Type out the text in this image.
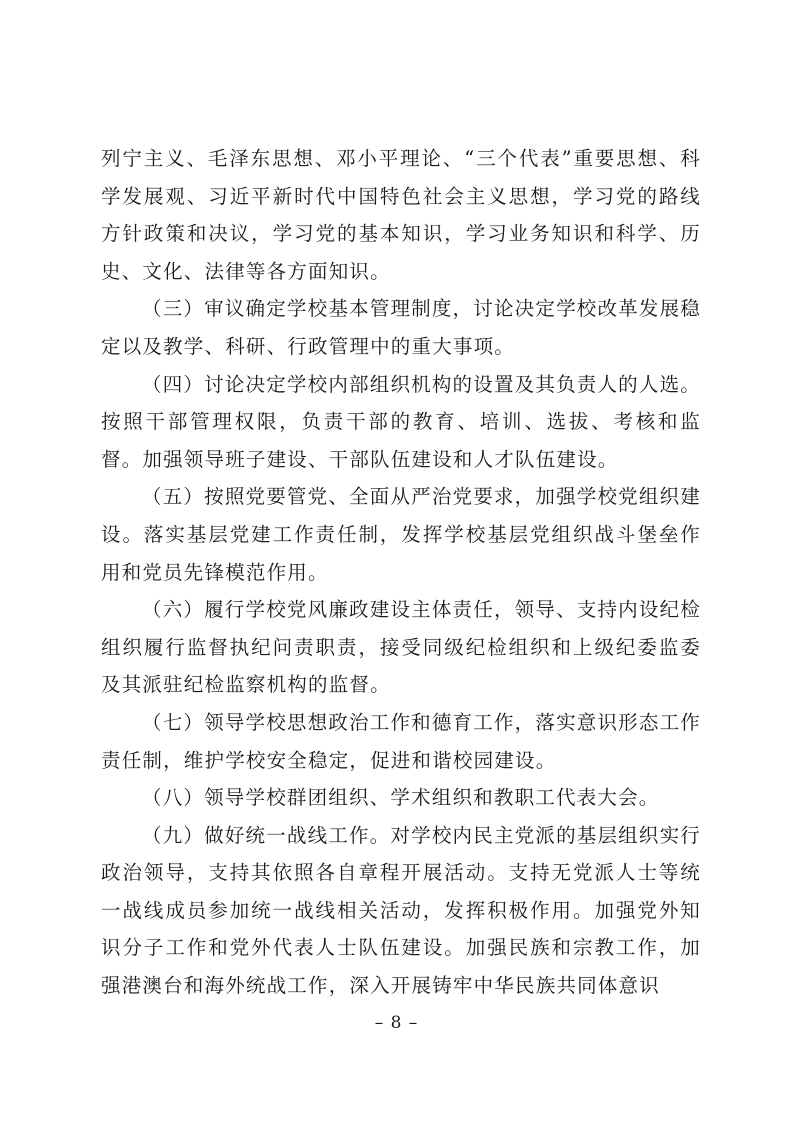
列宁主义、毛泽东思想、邓小平理论、“三个代表”重要思想、科学发展观、习近平新时代中国特色社会主义思想，学习党的路线方针政策和决议，学习党的基本知识，学习业务知识和科学、历史、文化、法律等各方面知识。

（三）审议确定学校基本管理制度，讨论决定学校改革发展稳定以及教学、科研、行政管理中的重大事项。

（四）讨论决定学校内部组织机构的设置及其负责人的人选。按照干部管理权限，负责干部的教育、培训、选拔、考核和监督。加强领导班子建设、干部队伍建设和人才队伍建设。

（五）按照党要管党、全面从严治党要求，加强学校党组织建设。落实基层党建工作责任制，发挥学校基层党组织战斗堡垒作用和党员先锋模范作用。

（六）履行学校党风廉政建设主体责任，领导、支持内设纪检组织履行监督执纪问责职责，接受同级纪检组织和上级纪委监委及其派驻纪检监察机构的监督。

（七）领导学校思想政治工作和德育工作，落实意识形态工作责任制，维护学校安全稳定，促进和谐校园建设。

（八）领导学校群团组织、学术组织和教职工代表大会。

（九）做好统一战线工作。对学校内民主党派的基层组织实行政治领导，支持其依照各自章程开展活动。支持无党派人士等统一战线成员参加统一战线相关活动，发挥积极作用。加强党外知识分子工作和党外代表人士队伍建设。加强民族和宗教工作，加强港澳台和海外统战工作，深入开展铸牢中华民族共同体意识

– 8 –
